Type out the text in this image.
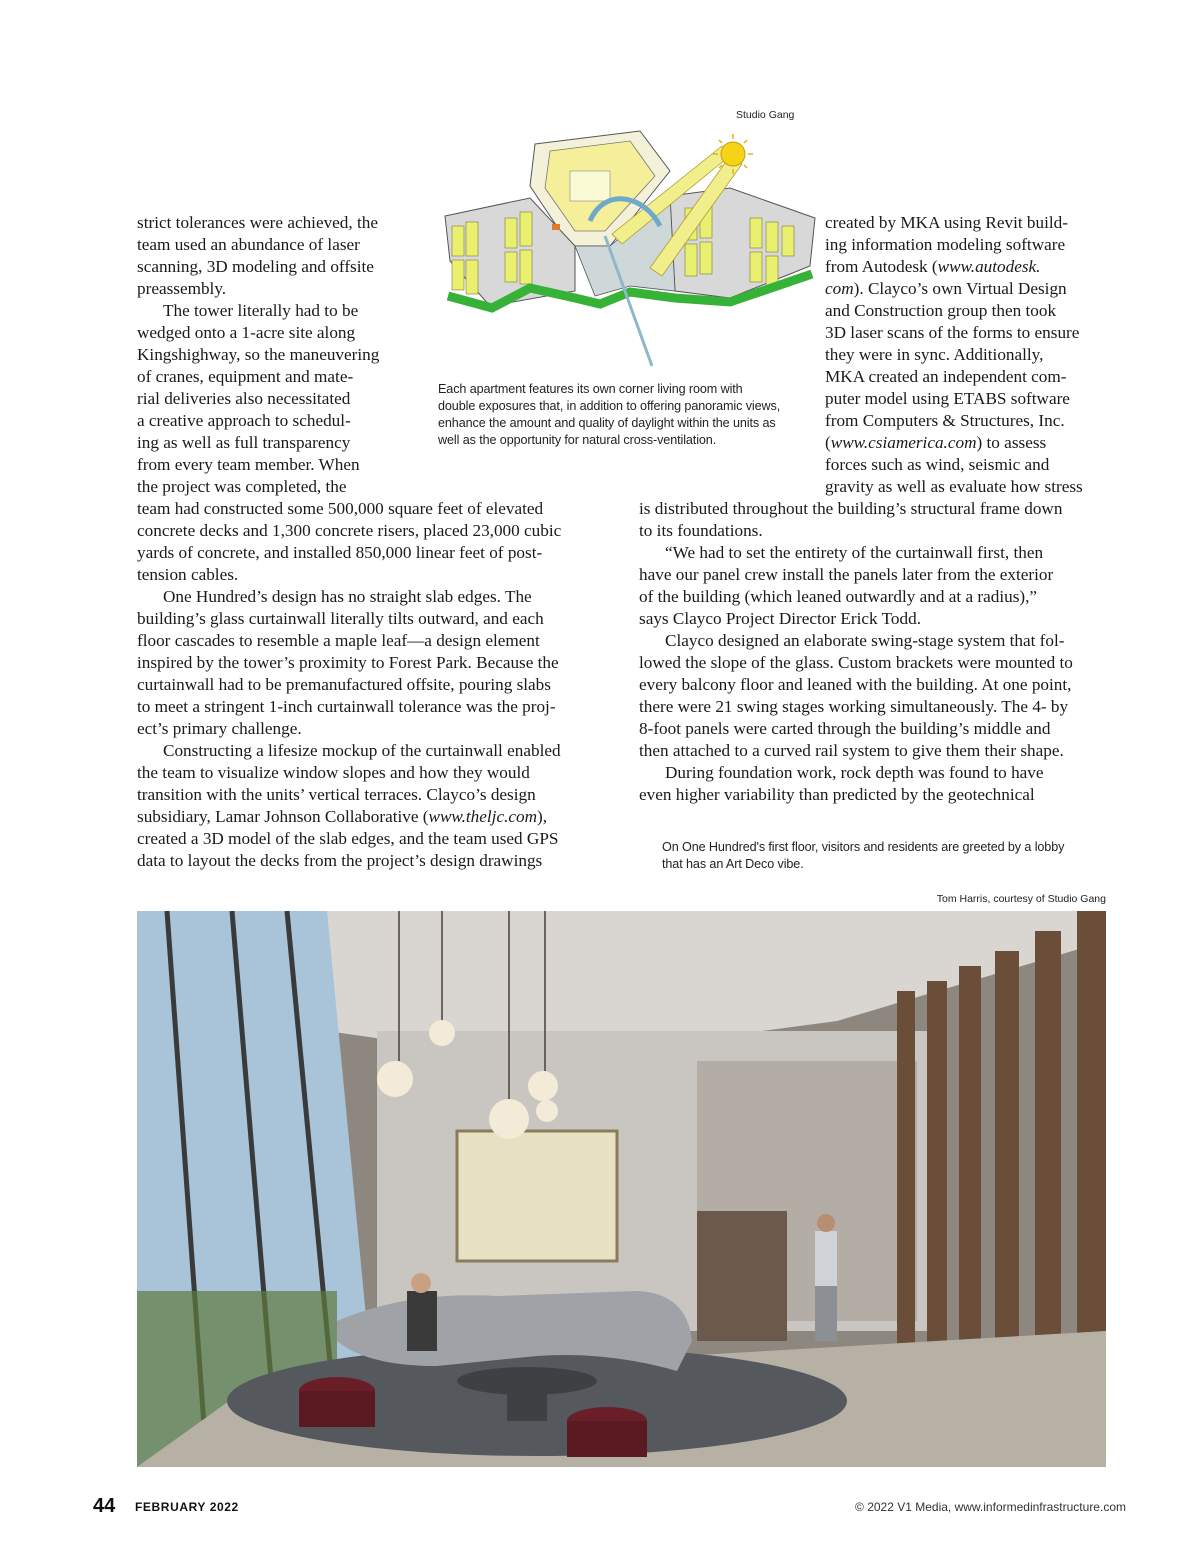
Studio Gang
Each apartment features its own corner living room with
double exposures that, in addition to offering panoramic views,
enhance the amount and quality of daylight within the units as
well as the opportunity for natural cross-ventilation.
strict tolerances were achieved, the
team used an abundance of laser
scanning, 3D modeling and offsite
preassembly.
The tower literally had to be
wedged onto a 1-acre site along
Kingshighway, so the maneuvering
of cranes, equipment and mate-
rial deliveries also necessitated
a creative approach to schedul-
ing as well as full transparency
from every team member. When
the project was completed, the
team had constructed some 500,000 square feet of elevated
concrete decks and 1,300 concrete risers, placed 23,000 cubic
yards of concrete, and installed 850,000 linear feet of post-
tension cables.
One Hundred’s design has no straight slab edges. The
building’s glass curtainwall literally tilts outward, and each
floor cascades to resemble a maple leaf—a design element
inspired by the tower’s proximity to Forest Park. Because the
curtainwall had to be premanufactured offsite, pouring slabs
to meet a stringent 1-inch curtainwall tolerance was the proj-
ect’s primary challenge.
Constructing a lifesize mockup of the curtainwall enabled
the team to visualize window slopes and how they would
transition with the units’ vertical terraces. Clayco’s design
subsidiary, Lamar Johnson Collaborative (www.theljc.com),
created a 3D model of the slab edges, and the team used GPS
data to layout the decks from the project’s design drawings
created by MKA using Revit build-
ing information modeling software
from Autodesk (www.autodesk.
com). Clayco’s own Virtual Design
and Construction group then took
3D laser scans of the forms to ensure
they were in sync. Additionally,
MKA created an independent com-
puter model using ETABS software
from Computers & Structures, Inc.
(www.csiamerica.com) to assess
forces such as wind, seismic and
gravity as well as evaluate how stress
is distributed throughout the building’s structural frame down
to its foundations.
“We had to set the entirety of the curtainwall first, then
have our panel crew install the panels later from the exterior
of the building (which leaned outwardly and at a radius),”
says Clayco Project Director Erick Todd.
Clayco designed an elaborate swing-stage system that fol-
lowed the slope of the glass. Custom brackets were mounted to
every balcony floor and leaned with the building. At one point,
there were 21 swing stages working simultaneously. The 4- by
8-foot panels were carted through the building’s middle and
then attached to a curved rail system to give them their shape.
During foundation work, rock depth was found to have
even higher variability than predicted by the geotechnical
On One Hundred's first floor, visitors and residents are greeted by a lobby
that has an Art Deco vibe.
Tom Harris, courtesy of Studio Gang
44 FEBRUARY 2022	© 2022 V1 Media, www.informedinfrastructure.com
